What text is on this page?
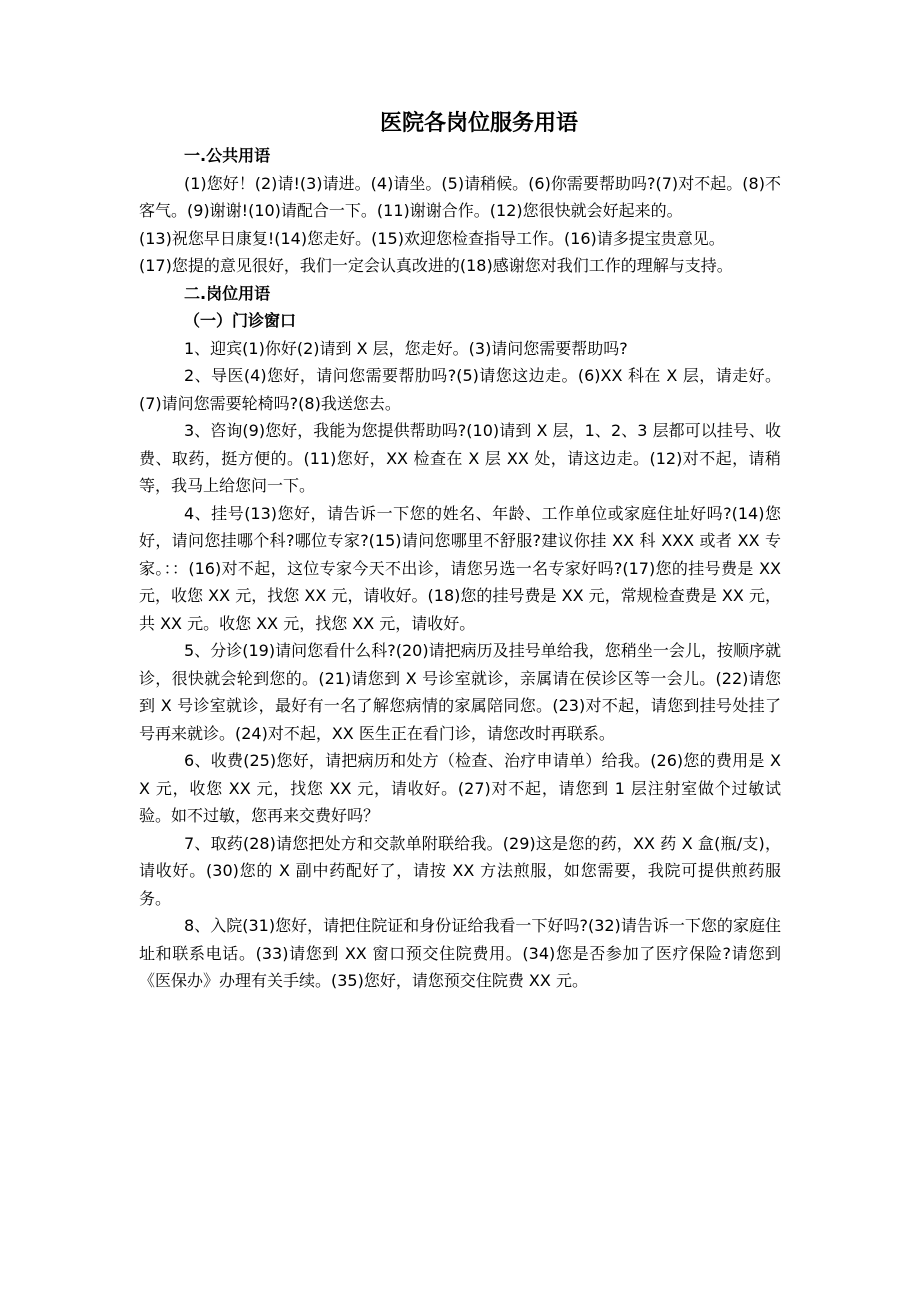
医院各岗位服务用语

一.公共用语

(1)您好！(2)请!(3)请进。(4)请坐。(5)请稍候。(6)你需要帮助吗?(7)对不起。(8)不客气。(9)谢谢!(10)请配合一下。(11)谢谢合作。(12)您很快就会好起来的。

(13)祝您早日康复!(14)您走好。(15)欢迎您检查指导工作。(16)请多提宝贵意见。

(17)您提的意见很好，我们一定会认真改进的(18)感谢您对我们工作的理解与支持。

二.岗位用语

（一）门诊窗口

1、迎宾(1)你好(2)请到 X 层，您走好。(3)请问您需要帮助吗?

2、导医(4)您好，请问您需要帮肋吗?(5)请您这边走。(6)XX 科在 X 层，请走好。(7)请问您需要轮椅吗?(8)我送您去。

3、咨询(9)您好，我能为您提供帮助吗?(10)请到 X 层，1、2、3 层都可以挂号、收费、取药，挺方便的。(11)您好，XX 检查在 X 层 XX 处，请这边走。(12)对不起，请稍等，我马上给您问一下。

4、挂号(13)您好，请告诉一下您的姓名、年龄、工作单位或家庭住址好吗?(14)您好，请问您挂哪个科?哪位专家?(15)请问您哪里不舒服?建议你挂 XX 科 XXX 或者 XX 专家。：：(16)对不起，这位专家今天不出诊，请您另选一名专家好吗?(17)您的挂号费是 XX 元，收您 XX 元，找您 XX 元，请收好。(18)您的挂号费是 XX 元，常规检查费是 XX 元，共 XX 元。收您 XX 元，找您 XX 元，请收好。

5、分诊(19)请问您看什么科?(20)请把病历及挂号单给我，您稍坐一会儿，按顺序就诊，很快就会轮到您的。(21)请您到 X 号诊室就诊，亲属请在侯诊区等一会儿。(22)请您到 X 号诊室就诊，最好有一名了解您病情的家属陪同您。(23)对不起，请您到挂号处挂了号再来就诊。(24)对不起，XX 医生正在看门诊，请您改时再联系。

6、收费(25)您好，请把病历和处方（检查、治疗申请单）给我。(26)您的费用是 XX 元，收您 XX 元，找您 XX 元，请收好。(27)对不起，请您到 1 层注射室做个过敏试验。如不过敏，您再来交费好吗？

7、取药(28)请您把处方和交款单附联给我。(29)这是您的药，XX 药 X 盒(瓶/支)，请收好。(30)您的 X 副中药配好了，请按 XX 方法煎服，如您需要，我院可提供煎药服务。

8、入院(31)您好，请把住院证和身份证给我看一下好吗?(32)请告诉一下您的家庭住址和联系电话。(33)请您到 XX 窗口预交住院费用。(34)您是否参加了医疗保险?请您到《医保办》办理有关手续。(35)您好，请您预交住院费 XX 元。
